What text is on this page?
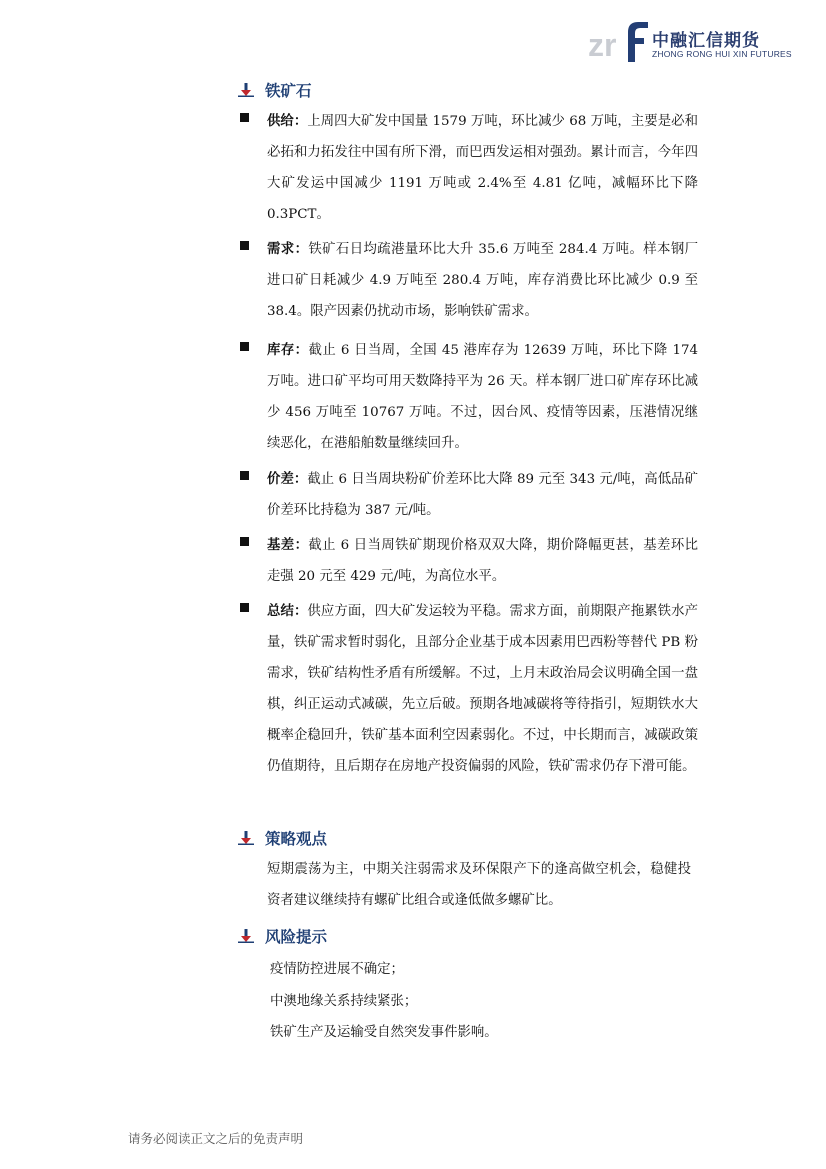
zr 中融汇信期货
ZHONG RONG HUI XIN FUTURES
铁矿石

供给：上周四大矿发中国量 1579 万吨，环比减少 68 万吨，主要是必和必拓和力拓发往中国有所下滑，而巴西发运相对强劲。累计而言，今年四大矿发运中国减少 1191 万吨或 2.4%至 4.81 亿吨，减幅环比下降 0.3PCT。

需求：铁矿石日均疏港量环比大升 35.6 万吨至 284.4 万吨。样本钢厂进口矿日耗减少 4.9 万吨至 280.4 万吨，库存消费比环比减少 0.9 至 38.4。限产因素仍扰动市场，影响铁矿需求。

库存：截止 6 日当周，全国 45 港库存为 12639 万吨，环比下降 174 万吨。进口矿平均可用天数降持平为 26 天。样本钢厂进口矿库存环比减少 456 万吨至 10767 万吨。不过，因台风、疫情等因素，压港情况继续恶化，在港船舶数量继续回升。

价差：截止 6 日当周块粉矿价差环比大降 89 元至 343 元/吨，高低品矿价差环比持稳为 387 元/吨。

基差：截止 6 日当周铁矿期现价格双双大降，期价降幅更甚，基差环比走强 20 元至 429 元/吨，为高位水平。

总结：供应方面，四大矿发运较为平稳。需求方面，前期限产拖累铁水产量，铁矿需求暂时弱化，且部分企业基于成本因素用巴西粉等替代 PB 粉需求，铁矿结构性矛盾有所缓解。不过，上月末政治局会议明确全国一盘棋，纠正运动式减碳，先立后破。预期各地减碳将等待指引，短期铁水大概率企稳回升，铁矿基本面利空因素弱化。不过，中长期而言，减碳政策仍值期待，且后期存在房地产投资偏弱的风险，铁矿需求仍存下滑可能。

策略观点

短期震荡为主，中期关注弱需求及环保限产下的逢高做空机会，稳健投资者建议继续持有螺矿比组合或逢低做多螺矿比。

风险提示
疫情防控进展不确定；
中澳地缘关系持续紧张；
铁矿生产及运输受自然突发事件影响。
请务必阅读正文之后的免责声明
